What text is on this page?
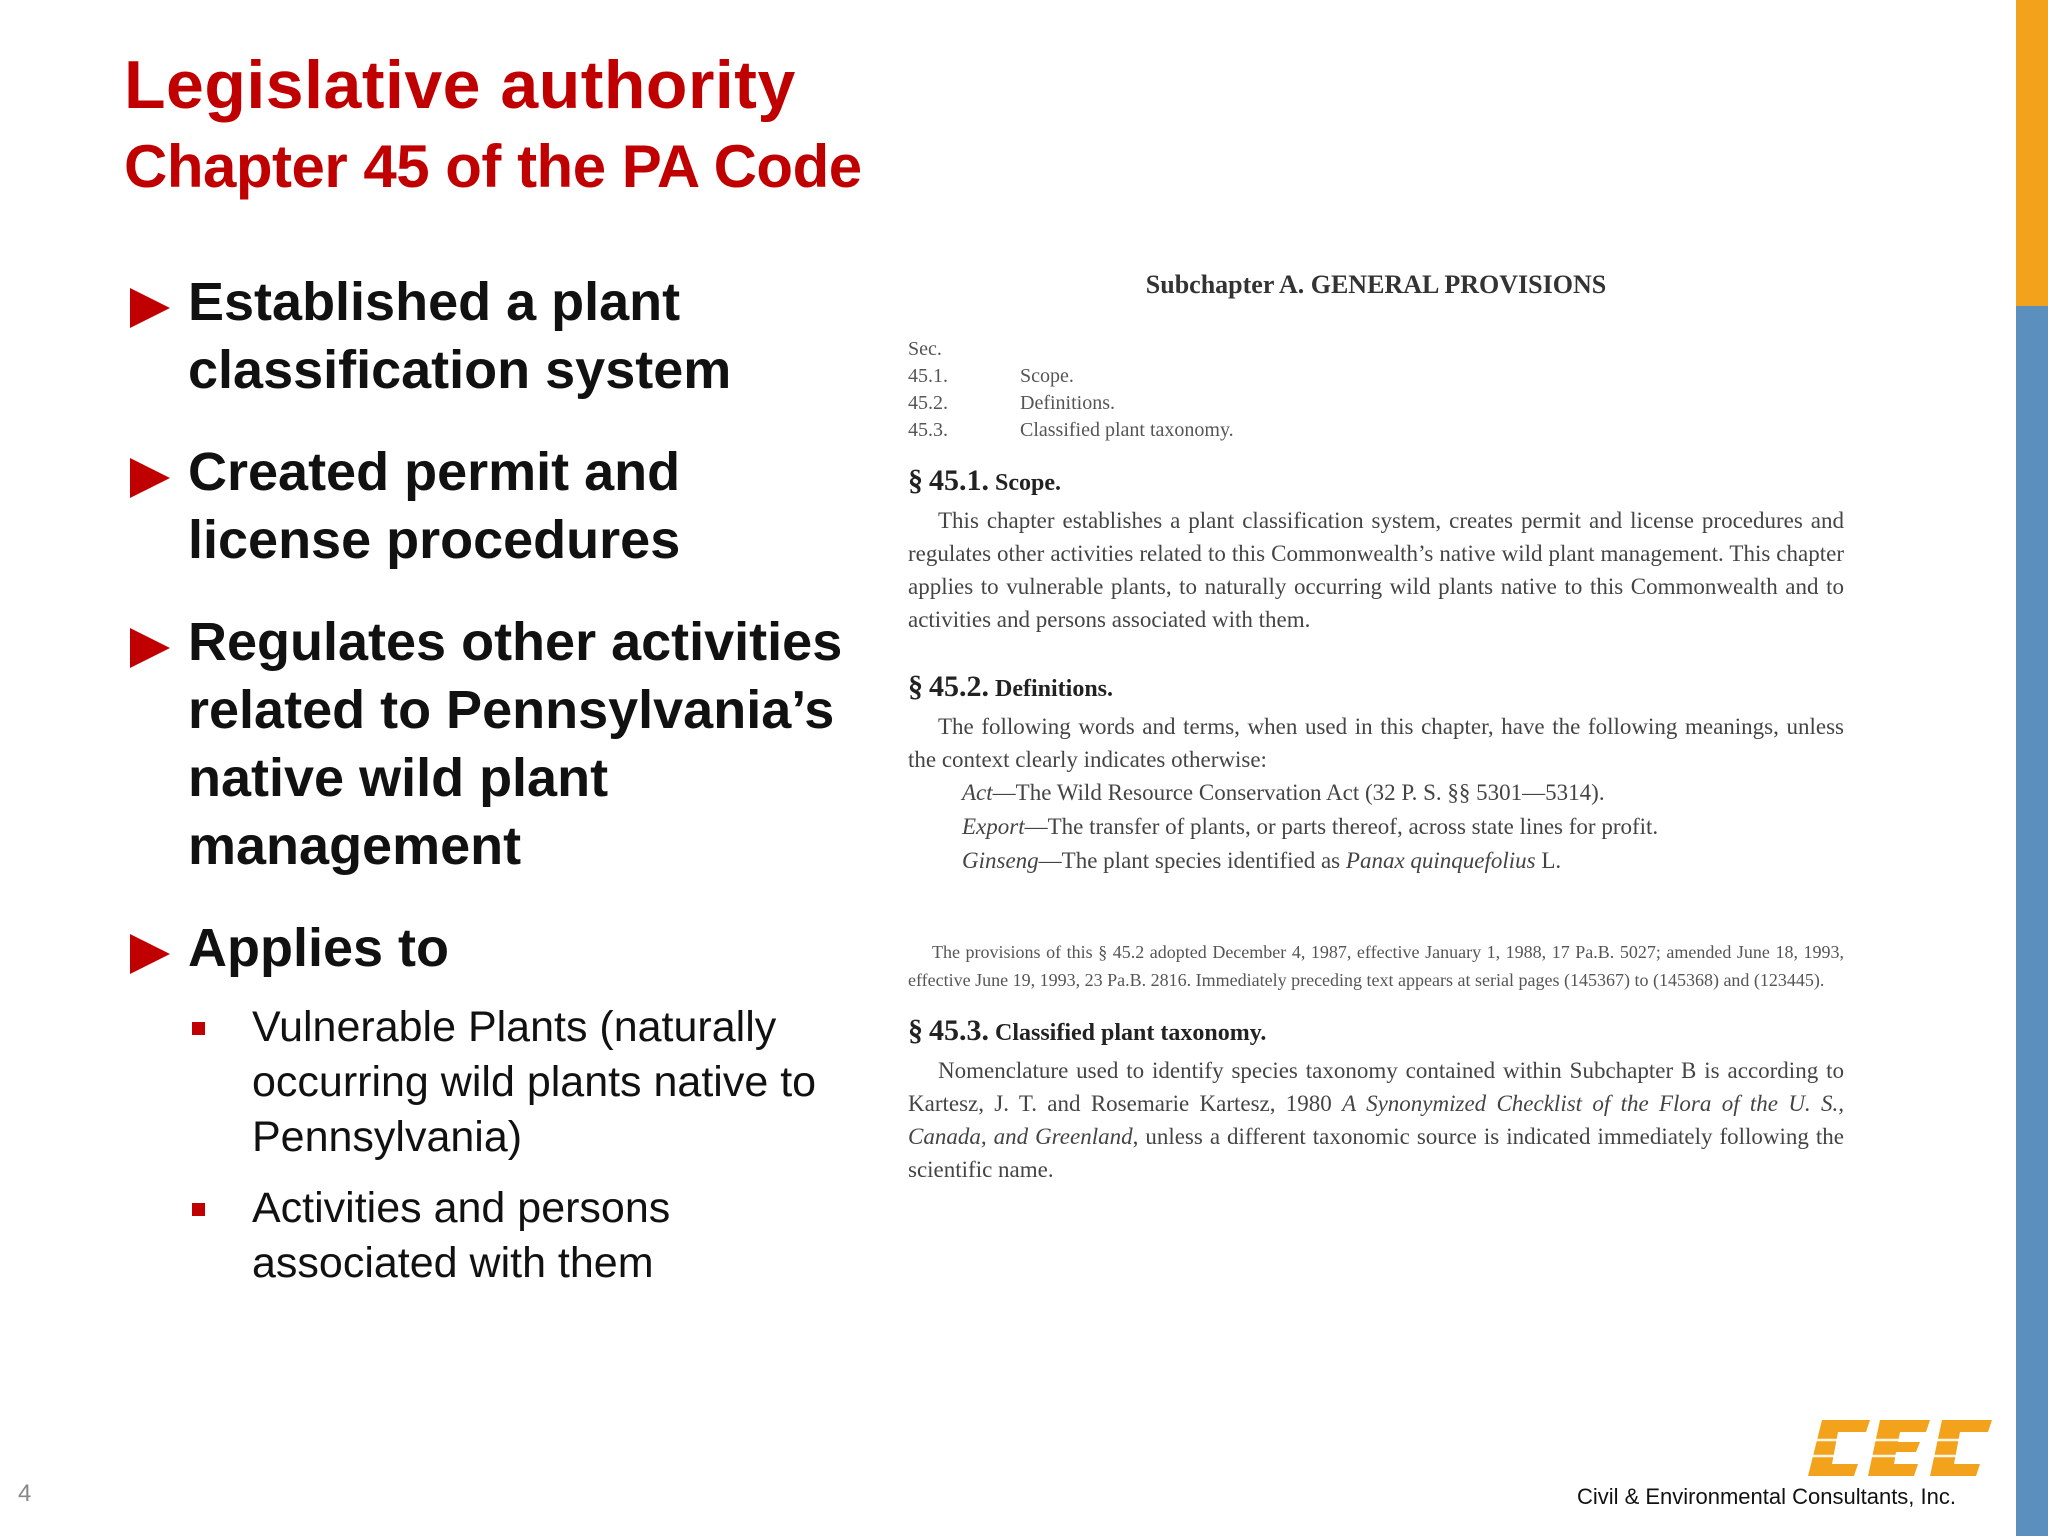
Legislative authority
Chapter 45 of the PA Code
Established a plant classification system
Created permit and license procedures
Regulates other activities related to Pennsylvania’s native wild plant management
Applies to
Vulnerable Plants (naturally occurring wild plants native to Pennsylvania)
Activities and persons associated with them
Subchapter A. GENERAL PROVISIONS
Sec.
45.1.	Scope.
45.2.	Definitions.
45.3.	Classified plant taxonomy.
§ 45.1. Scope.

This chapter establishes a plant classification system, creates permit and license procedures and regulates other activities related to this Commonwealth’s native wild plant management. This chapter applies to vulnerable plants, to naturally occurring wild plants native to this Commonwealth and to activities and persons associated with them.

§ 45.2. Definitions.

The following words and terms, when used in this chapter, have the following meanings, unless the context clearly indicates otherwise:

Act—The Wild Resource Conservation Act (32 P. S. §§ 5301—5314).
Export—The transfer of plants, or parts thereof, across state lines for profit.
Ginseng—The plant species identified as Panax quinquefolius L.
The provisions of this § 45.2 adopted December 4, 1987, effective January 1, 1988, 17 Pa.B. 5027; amended June 18, 1993, effective June 19, 1993, 23 Pa.B. 2816. Immediately preceding text appears at serial pages (145367) to (145368) and (123445).
§ 45.3. Classified plant taxonomy.

Nomenclature used to identify species taxonomy contained within Subchapter B is according to Kartesz, J. T. and Rosemarie Kartesz, 1980 A Synonymized Checklist of the Flora of the U. S., Canada, and Greenland, unless a different taxonomic source is indicated immediately following the scientific name.

4
CEC
Civil & Environmental Consultants, Inc.
